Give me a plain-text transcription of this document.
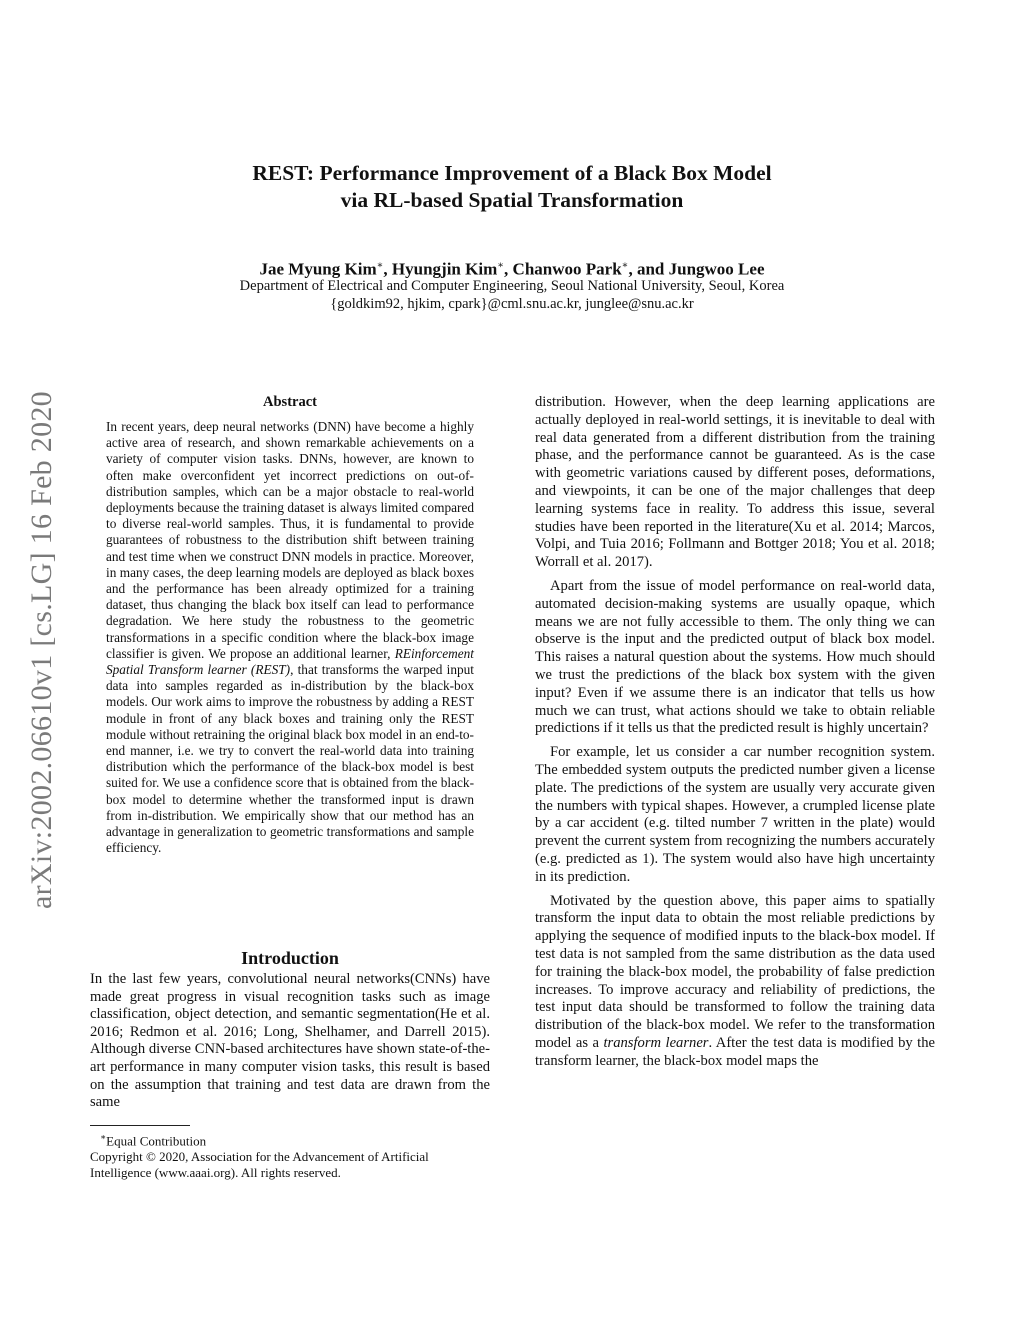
REST: Performance Improvement of a Black Box Model
via RL-based Spatial Transformation
Jae Myung Kim∗, Hyungjin Kim∗, Chanwoo Park∗, and Jungwoo Lee
Department of Electrical and Computer Engineering, Seoul National University, Seoul, Korea
{goldkim92, hjkim, cpark}@cml.snu.ac.kr, junglee@snu.ac.kr
arXiv:2002.06610v1 [cs.LG] 16 Feb 2020	Abstract

In recent years, deep neural networks (DNN) have become a highly active area of research, and shown remarkable achievements on a variety of computer vision tasks. DNNs, however, are known to often make overconfident yet incorrect predictions on out-of-distribution samples, which can be a major obstacle to real-world deployments because the training dataset is always limited compared to diverse real-world samples. Thus, it is fundamental to provide guarantees of robustness to the distribution shift between training and test time when we construct DNN models in practice. Moreover, in many cases, the deep learning models are deployed as black boxes and the performance has been already optimized for a training dataset, thus changing the black box itself can lead to performance degradation. We here study the robustness to the geometric transformations in a specific condition where the black-box image classifier is given. We propose an additional learner, REinforcement Spatial Transform learner (REST), that transforms the warped input data into samples regarded as in-distribution by the black-box models. Our work aims to improve the robustness by adding a REST module in front of any black boxes and training only the REST module without retraining the original black box model in an end-to-end manner, i.e. we try to convert the real-world data into training distribution which the performance of the black-box model is best suited for. We use a confidence score that is obtained from the black-box model to determine whether the transformed input is drawn from in-distribution. We empirically show that our method has an advantage in generalization to geometric transformations and sample efficiency.

Introduction

In the last few years, convolutional neural networks(CNNs) have made great progress in visual recognition tasks such as image classification, object detection, and semantic segmentation(He et al. 2016; Redmon et al. 2016; Long, Shelhamer, and Darrell 2015). Although diverse CNN-based architectures have shown state-of-the-art performance in many computer vision tasks, this result is based on the assumption that training and test data are drawn from the same

∗Equal Contribution

Copyright © 2020, Association for the Advancement of Artificial

Intelligence (www.aaai.org). All rights reserved.

distribution. However, when the deep learning applications are actually deployed in real-world settings, it is inevitable to deal with real data generated from a different distribution from the training phase, and the performance cannot be guaranteed. As is the case with geometric variations caused by different poses, deformations, and viewpoints, it can be one of the major challenges that deep learning systems face in reality. To address this issue, several studies have been reported in the literature(Xu et al. 2014; Marcos, Volpi, and Tuia 2016; Follmann and Bottger 2018; You et al. 2018; Worrall et al. 2017).

Apart from the issue of model performance on real-world data, automated decision-making systems are usually opaque, which means we are not fully accessible to them. The only thing we can observe is the input and the predicted output of black box model. This raises a natural question about the systems. How much should we trust the predictions of the black box system with the given input? Even if we assume there is an indicator that tells us how much we can trust, what actions should we take to obtain reliable predictions if it tells us that the predicted result is highly uncertain?

For example, let us consider a car number recognition system. The embedded system outputs the predicted number given a license plate. The predictions of the system are usually very accurate given the numbers with typical shapes. However, a crumpled license plate by a car accident (e.g. tilted number 7 written in the plate) would prevent the current system from recognizing the numbers accurately (e.g. predicted as 1). The system would also have high uncertainty in its prediction.

Motivated by the question above, this paper aims to spatially transform the input data to obtain the most reliable predictions by applying the sequence of modified inputs to the black-box model. If test data is not sampled from the same distribution as the data used for training the black-box model, the probability of false prediction increases. To improve accuracy and reliability of predictions, the test input data should be transformed to follow the training data distribution of the black-box model. We refer to the transformation model as a transform learner. After the test data is modified by the transform learner, the black-box model maps the
